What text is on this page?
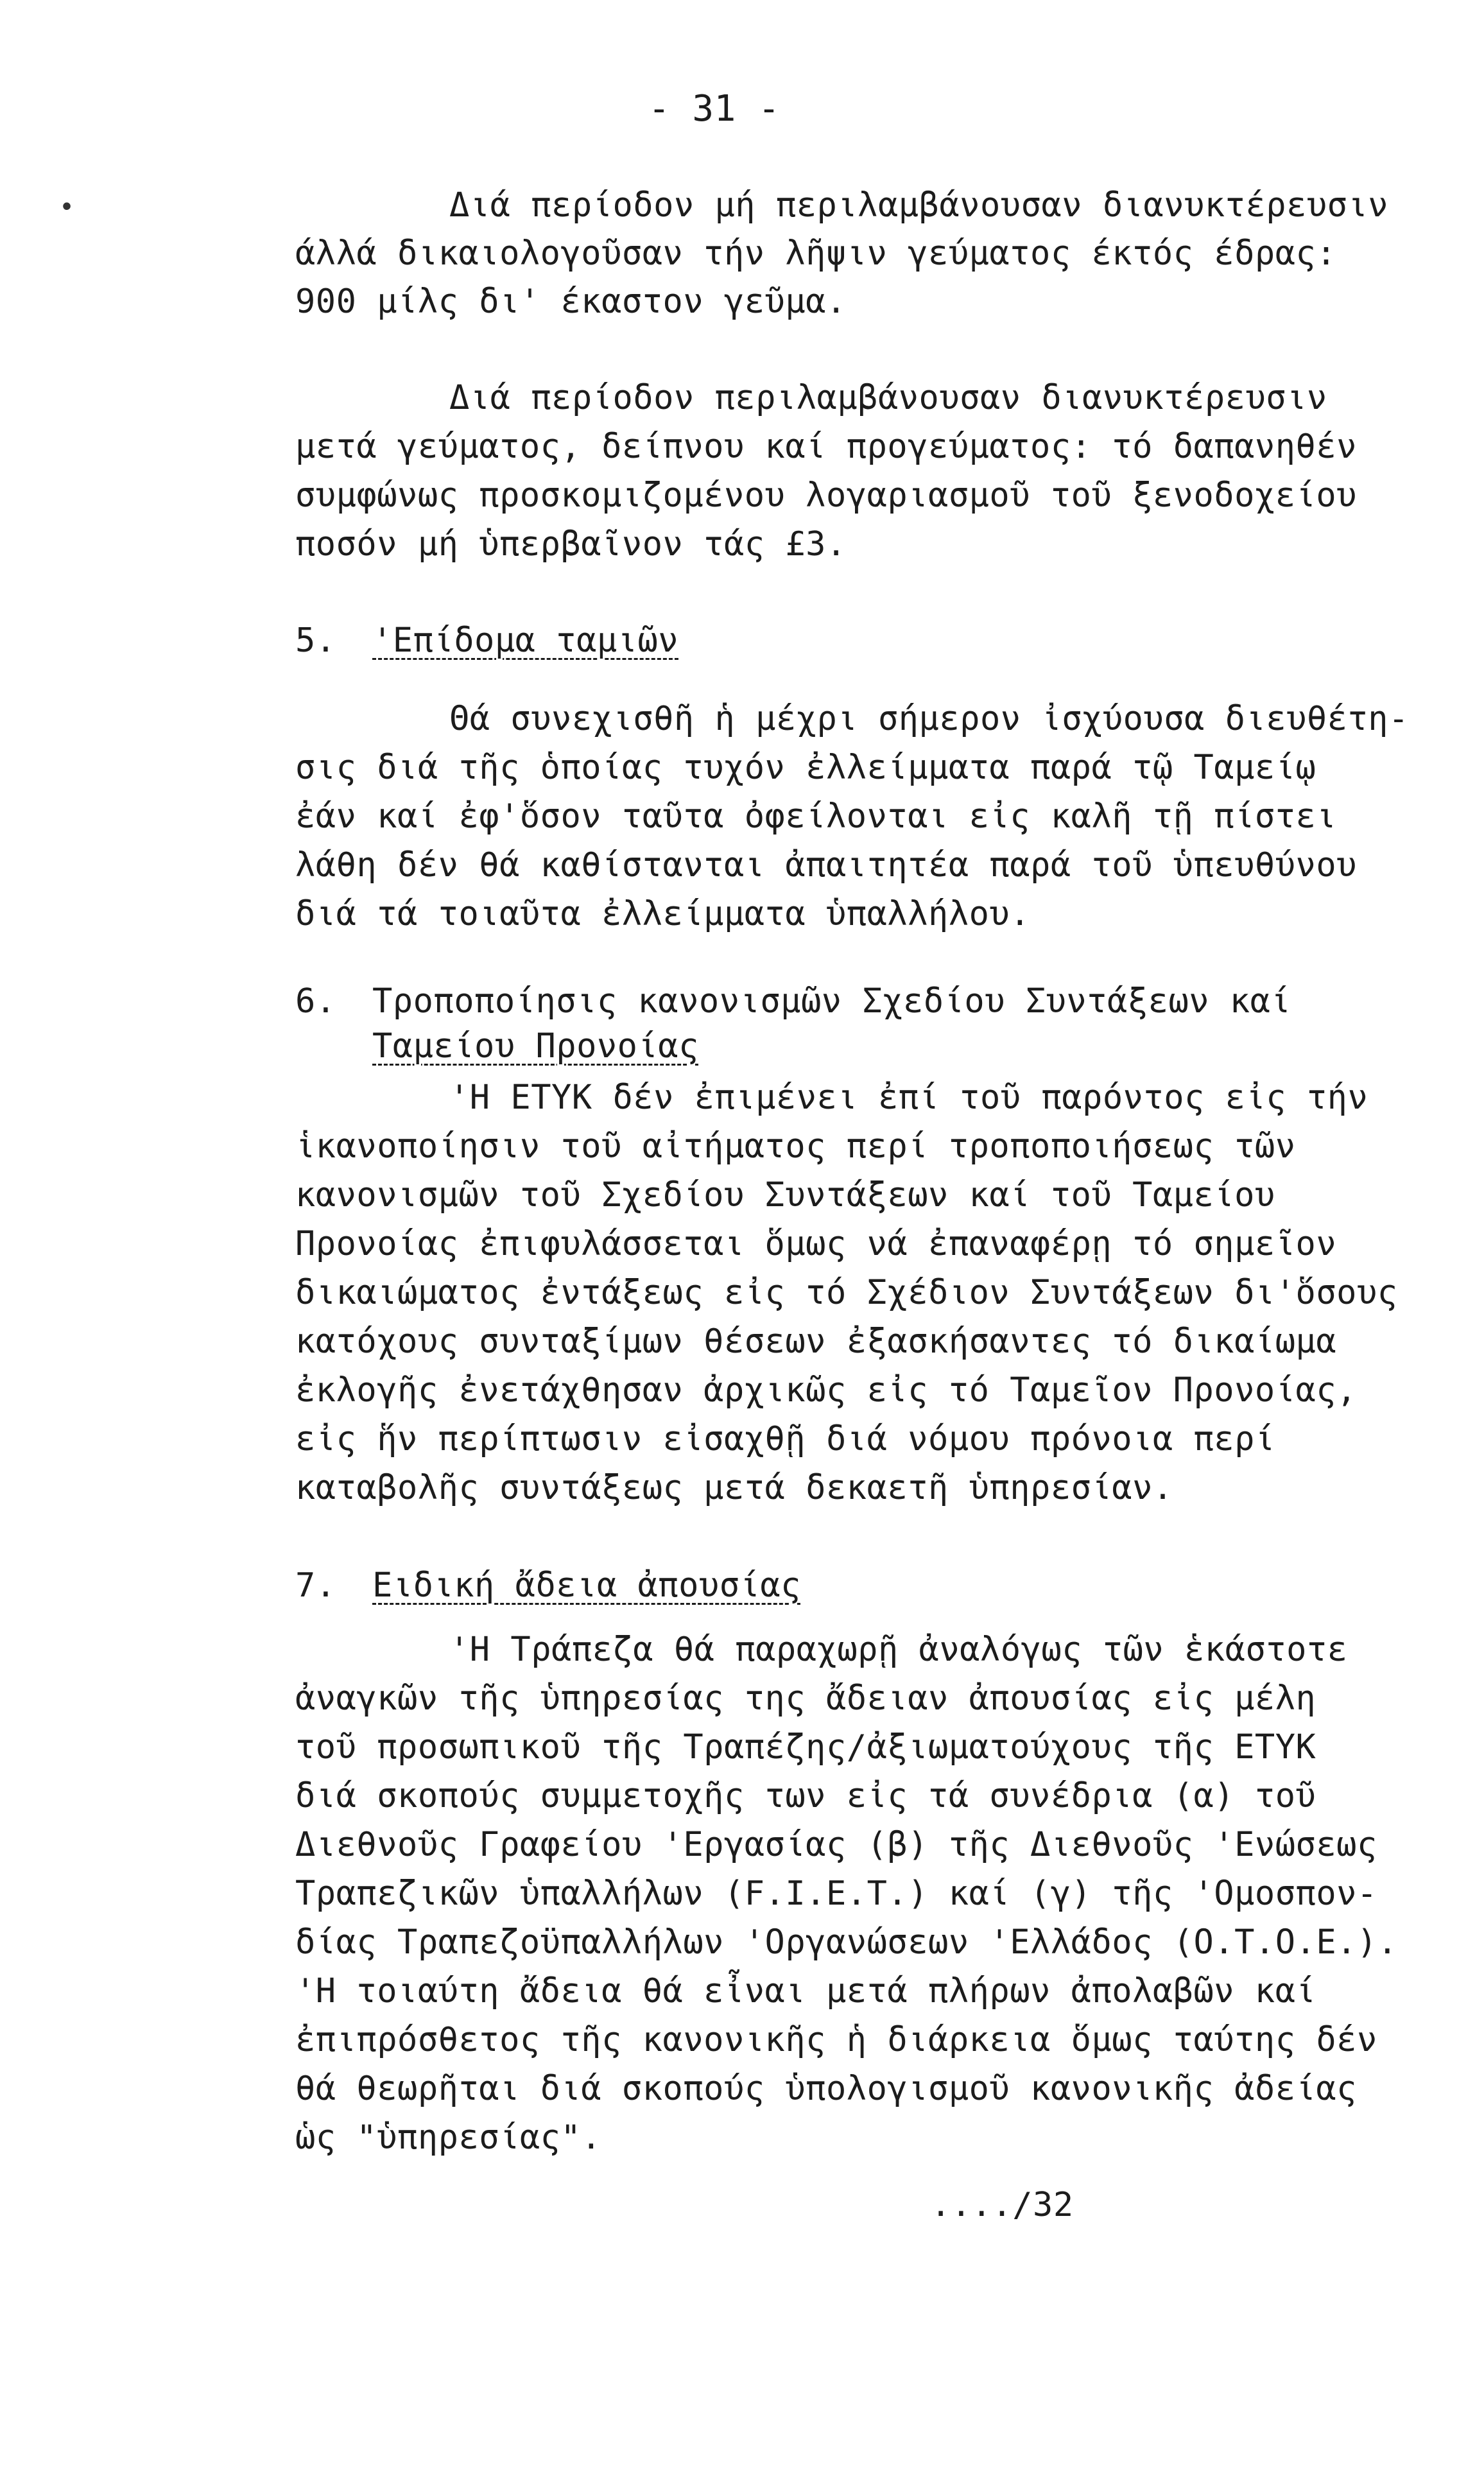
- 31 -
•	Διά περίοδον μή περιλαμβάνουσαν διανυκτέρευσιν
άλλά δικαιολογοῦσαν τήν λῆψιν γεύματος έκτός έδρας:
900 μίλς δι' έκαστον γεῦμα.
Διά περίοδον περιλαμβάνουσαν διανυκτέρευσιν
μετά γεύματος, δείπνου καί προγεύματος: τό δαπανηθέν
συμφώνως προσκομιζομένου λογαριασμοῦ τοῦ ξενοδοχείου
ποσόν μή ὑπερβαῖνον τάς £3.
5. 'Επίδομα ταμιῶν
Θά συνεχισθῆ ἡ μέχρι σήμερον ἰσχύουσα διευθέτη-
σις διά τῆς ὁποίας τυχόν ἐλλείμματα παρά τῷ Ταμείῳ
ἐάν καί ἐφ'ὅσον ταῦτα ὀφείλονται εἰς καλῆ τῇ πίστει
λάθη δέν θά καθίστανται ἀπαιτητέα παρά τοῦ ὑπευθύνου
διά τά τοιαῦτα ἐλλείμματα ὑπαλλήλου.
6. Τροποποίησις κανονισμῶν Σχεδίου Συντάξεων καί
Ταμείου Προνοίας
'Η ΕΤΥΚ δέν ἐπιμένει ἐπί τοῦ παρόντος εἰς τήν
ἱκανοποίησιν τοῦ αἰτήματος περί τροποποιήσεως τῶν
κανονισμῶν τοῦ Σχεδίου Συντάξεων καί τοῦ Ταμείου
Προνοίας ἐπιφυλάσσεται ὅμως νά ἐπαναφέρῃ τό σημεῖον
δικαιώματος ἐντάξεως εἰς τό Σχέδιον Συντάξεων δι'ὅσους
κατόχους συνταξίμων θέσεων ἐξασκήσαντες τό δικαίωμα
ἐκλογῆς ἐνετάχθησαν ἀρχικῶς εἰς τό Ταμεῖον Προνοίας,
εἰς ἥν περίπτωσιν εἰσαχθῇ διά νόμου πρόνοια περί
καταβολῆς συντάξεως μετά δεκαετῆ ὑπηρεσίαν.
7. Ειδική ἄδεια ἀπουσίας
'Η Τράπεζα θά παραχωρῇ ἀναλόγως τῶν ἑκάστοτε
ἀναγκῶν τῆς ὑπηρεσίας της ἄδειαν ἀπουσίας εἰς μέλη
τοῦ προσωπικοῦ τῆς Τραπέζης/ἀξιωματούχους τῆς ΕΤΥΚ
διά σκοπούς συμμετοχῆς των εἰς τά συνέδρια (α) τοῦ
Διεθνοῦς Γραφείου 'Εργασίας (β) τῆς Διεθνοῦς 'Ενώσεως
Τραπεζικῶν ὑπαλλήλων (F.I.E.T.) καί (γ) τῆς 'Ομοσπον-
δίας Τραπεζοϋπαλλήλων 'Οργανώσεων 'Ελλάδος (Ο.Τ.Ο.Ε.).
'Η τοιαύτη ἄδεια θά εἶναι μετά πλήρων ἀπολαβῶν καί
ἐπιπρόσθετος τῆς κανονικῆς ἡ διάρκεια ὅμως ταύτης δέν
θά θεωρῆται διά σκοπούς ὑπολογισμοῦ κανονικῆς ἀδείας
ὡς "ὑπηρεσίας".
..../32
